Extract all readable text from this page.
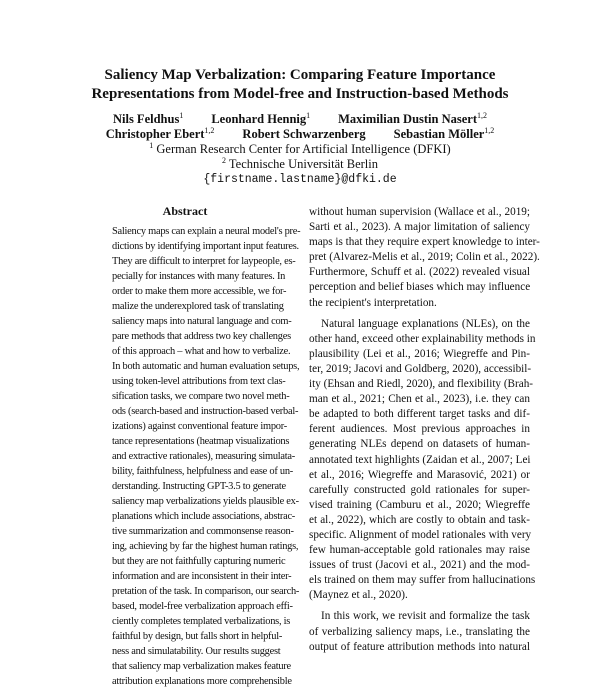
Saliency Map Verbalization: Comparing Feature Importance
Representations from Model-free and Instruction-based Methods
Nils Feldhus$^1$ Leonhard Hennig$^1$ Maximilian Dustin Nasert$^{1,2}$
Christopher Ebert$^{1,2}$ Robert Schwarzenberg Sebastian Möller$^{1,2}$
$^1$ German Research Center for Artificial Intelligence (DFKI)
$^2$ Technische Universität Berlin
{firstname.lastname}@dfki.de
Abstract
Saliency maps can explain a neural model's pre-
dictions by identifying important input features.
They are difficult to interpret for laypeople, es-
pecially for instances with many features. In
order to make them more accessible, we for-
malize the underexplored task of translating
saliency maps into natural language and com-
pare methods that address two key challenges
of this approach – what and how to verbalize.
In both automatic and human evaluation setups,
using token-level attributions from text clas-
sification tasks, we compare two novel meth-
ods (search-based and instruction-based verbal-
izations) against conventional feature impor-
tance representations (heatmap visualizations
and extractive rationales), measuring simulata-
bility, faithfulness, helpfulness and ease of un-
derstanding. Instructing GPT-3.5 to generate
saliency map verbalizations yields plausible ex-
planations which include associations, abstrac-
tive summarization and commonsense reason-
ing, achieving by far the highest human ratings,
but they are not faithfully capturing numeric
information and are inconsistent in their inter-
pretation of the task. In comparison, our search-
based, model-free verbalization approach effi-
ciently completes templated verbalizations, is
faithful by design, but falls short in helpful-
ness and simulatability. Our results suggest
that saliency map verbalization makes feature
attribution explanations more comprehensible
without human supervision (Wallace et al., 2019;
Sarti et al., 2023). A major limitation of saliency
maps is that they require expert knowledge to inter-
pret (Alvarez-Melis et al., 2019; Colin et al., 2022).
Furthermore, Schuff et al. (2022) revealed visual
perception and belief biases which may influence
the recipient's interpretation.
Natural language explanations (NLEs), on the
other hand, exceed other explainability methods in
plausibility (Lei et al., 2016; Wiegreffe and Pin-
ter, 2019; Jacovi and Goldberg, 2020), accessibil-
ity (Ehsan and Riedl, 2020), and flexibility (Brah-
man et al., 2021; Chen et al., 2023), i.e. they can
be adapted to both different target tasks and dif-
ferent audiences. Most previous approaches in
generating NLEs depend on datasets of human-
annotated text highlights (Zaidan et al., 2007; Lei
et al., 2016; Wiegreffe and Marasović, 2021) or
carefully constructed gold rationales for super-
vised training (Camburu et al., 2020; Wiegreffe
et al., 2022), which are costly to obtain and task-
specific. Alignment of model rationales with very
few human-acceptable gold rationales may raise
issues of trust (Jacovi et al., 2021) and the mod-
els trained on them may suffer from hallucinations
(Maynez et al., 2020).
In this work, we revisit and formalize the task
of verbalizing saliency maps, i.e., translating the
output of feature attribution methods into natural
